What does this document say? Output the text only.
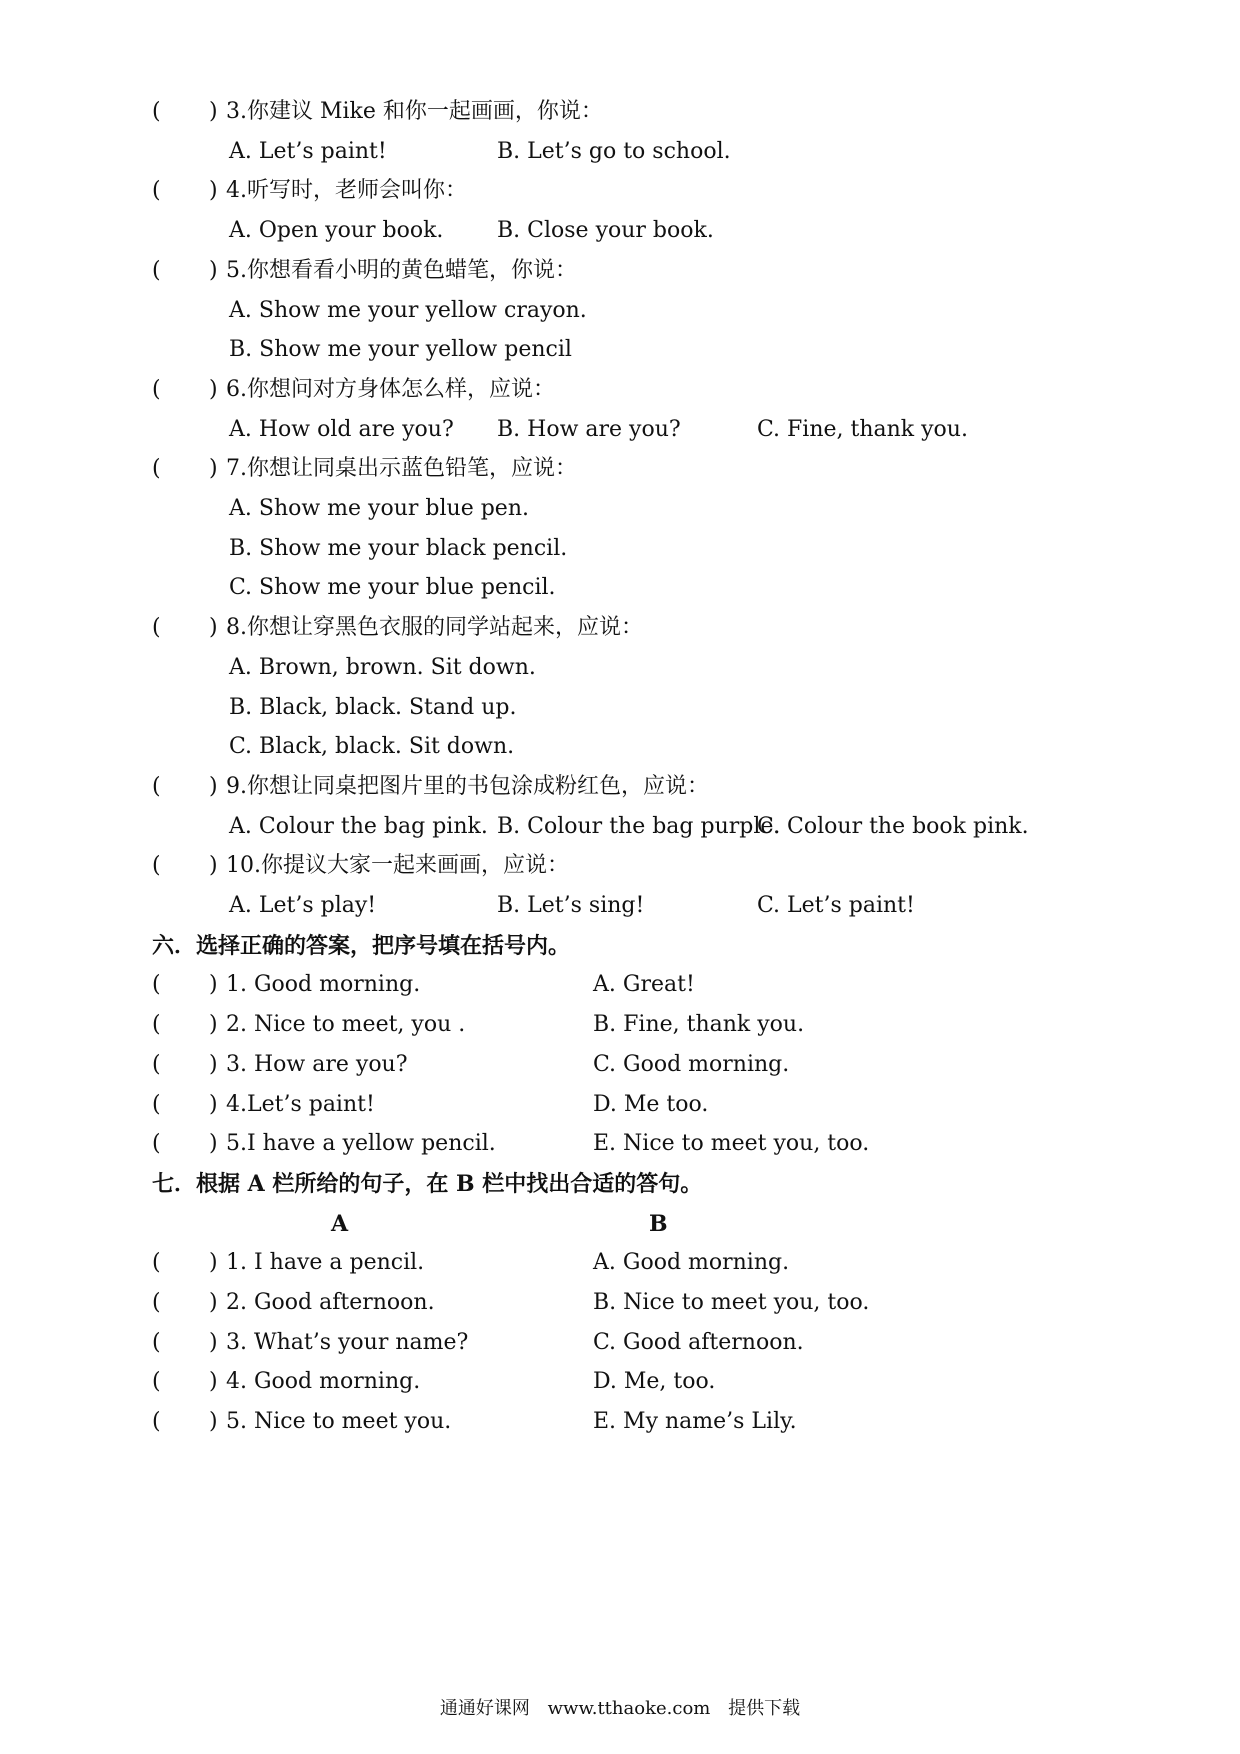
( ) 3.你建议 Mike 和你一起画画，你说：
A. Let’s paint!	B. Let’s go to school.
( ) 4.听写时，老师会叫你：
A. Open your book. B. Close your book.
( ) 5.你想看看小明的黄色蜡笔，你说：
A. Show me your yellow crayon.
B. Show me your yellow pencil
( ) 6.你想问对方身体怎么样，应说：
A. How old are you? B. How are you?	C. Fine, thank you.
( ) 7.你想让同桌出示蓝色铅笔，应说：
A. Show me your blue pen.
B. Show me your black pencil.
C. Show me your blue pencil.
( ) 8.你想让穿黑色衣服的同学站起来，应说：
A. Brown, brown. Sit down.
B. Black, black. Stand up.
C. Black, black. Sit down.
( ) 9.你想让同桌把图片里的书包涂成粉红色，应说：
A. Colour the bag pink. B. Colour the bag purple.
C. Colour the book pink.
( ) 10.你提议大家一起来画画，应说：
A. Let’s play!	B. Let’s sing!	C. Let’s paint!
六．选择正确的答案，把序号填在括号内。
( ) 1. Good morning.	A. Great!
( ) 2. Nice to meet, you .	B. Fine, thank you.
( ) 3. How are you?	C. Good morning.
( ) 4.Let’s paint!	D. Me too.
( ) 5.I have a yellow pencil.	E. Nice to meet you, too.
七．根据 A 栏所给的句子，在 B 栏中找出合适的答句。
A	B
( ) 1. I have a pencil.	A. Good morning.
( ) 2. Good afternoon.	B. Nice to meet you, too.
( ) 3. What’s your name?	C. Good afternoon.
( ) 4. Good morning.	D. Me, too.
( ) 5. Nice to meet you.	E. My name’s Lily.
通通好课网 www.tthaoke.com 提供下载
